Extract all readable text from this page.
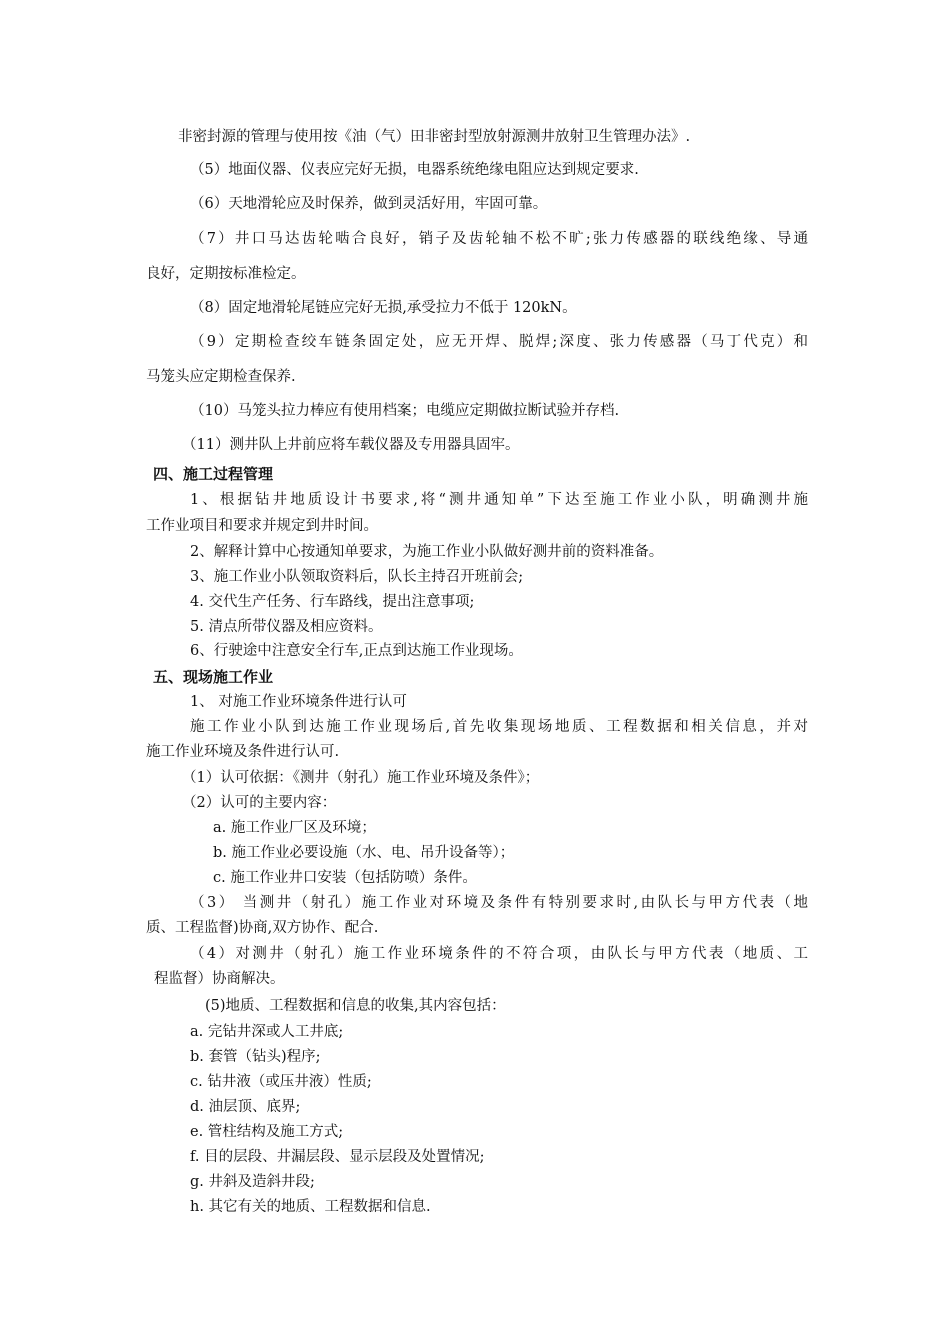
非密封源的管理与使用按《油（气）田非密封型放射源测井放射卫生管理办法》.
（5）地面仪器、仪表应完好无损，电器系统绝缘电阻应达到规定要求.
（6）天地滑轮应及时保养，做到灵活好用，牢固可靠。
（7）井口马达齿轮啮合良好，销子及齿轮轴不松不旷;张力传感器的联线绝缘、导通
良好，定期按标准检定。
（8）固定地滑轮尾链应完好无损,承受拉力不低于 120kN。
（9）定期检查绞车链条固定处，应无开焊、脱焊;深度、张力传感器（马丁代克）和
马笼头应定期检查保养.
（10）马笼头拉力棒应有使用档案；电缆应定期做拉断试验并存档.
（11）测井队上井前应将车载仪器及专用器具固牢。
四、施工过程管理
1、根据钻井地质设计书要求,将“测井通知单”下达至施工作业小队，明确测井施
工作业项目和要求并规定到井时间。
2、解释计算中心按通知单要求，为施工作业小队做好测井前的资料准备。
3、施工作业小队领取资料后，队长主持召开班前会;
4. 交代生产任务、行车路线，提出注意事项;
5. 清点所带仪器及相应资料。
6、行驶途中注意安全行车,正点到达施工作业现场。
五、现场施工作业
1、 对施工作业环境条件进行认可
施工作业小队到达施工作业现场后,首先收集现场地质、工程数据和相关信息，并对
施工作业环境及条件进行认可.
（1）认可依据：《测井（射孔）施工作业环境及条件》；
（2）认可的主要内容：
a. 施工作业厂区及环境；
b. 施工作业必要设施（水、电、吊升设备等）；
c. 施工作业井口安装（包括防喷）条件。
（3） 当测井（射孔）施工作业对环境及条件有特别要求时,由队长与甲方代表（地
质、工程监督)协商,双方协作、配合.
（4）对测井（射孔）施工作业环境条件的不符合项，由队长与甲方代表（地质、工
程监督）协商解决。
(5)地质、工程数据和信息的收集,其内容包括：
a. 完钻井深或人工井底;
b. 套管（钻头)程序;
c. 钻井液（或压井液）性质;
d. 油层顶、底界;
e. 管柱结构及施工方式;
f. 目的层段、井漏层段、显示层段及处置情况;
g. 井斜及造斜井段;
h. 其它有关的地质、工程数据和信息.
